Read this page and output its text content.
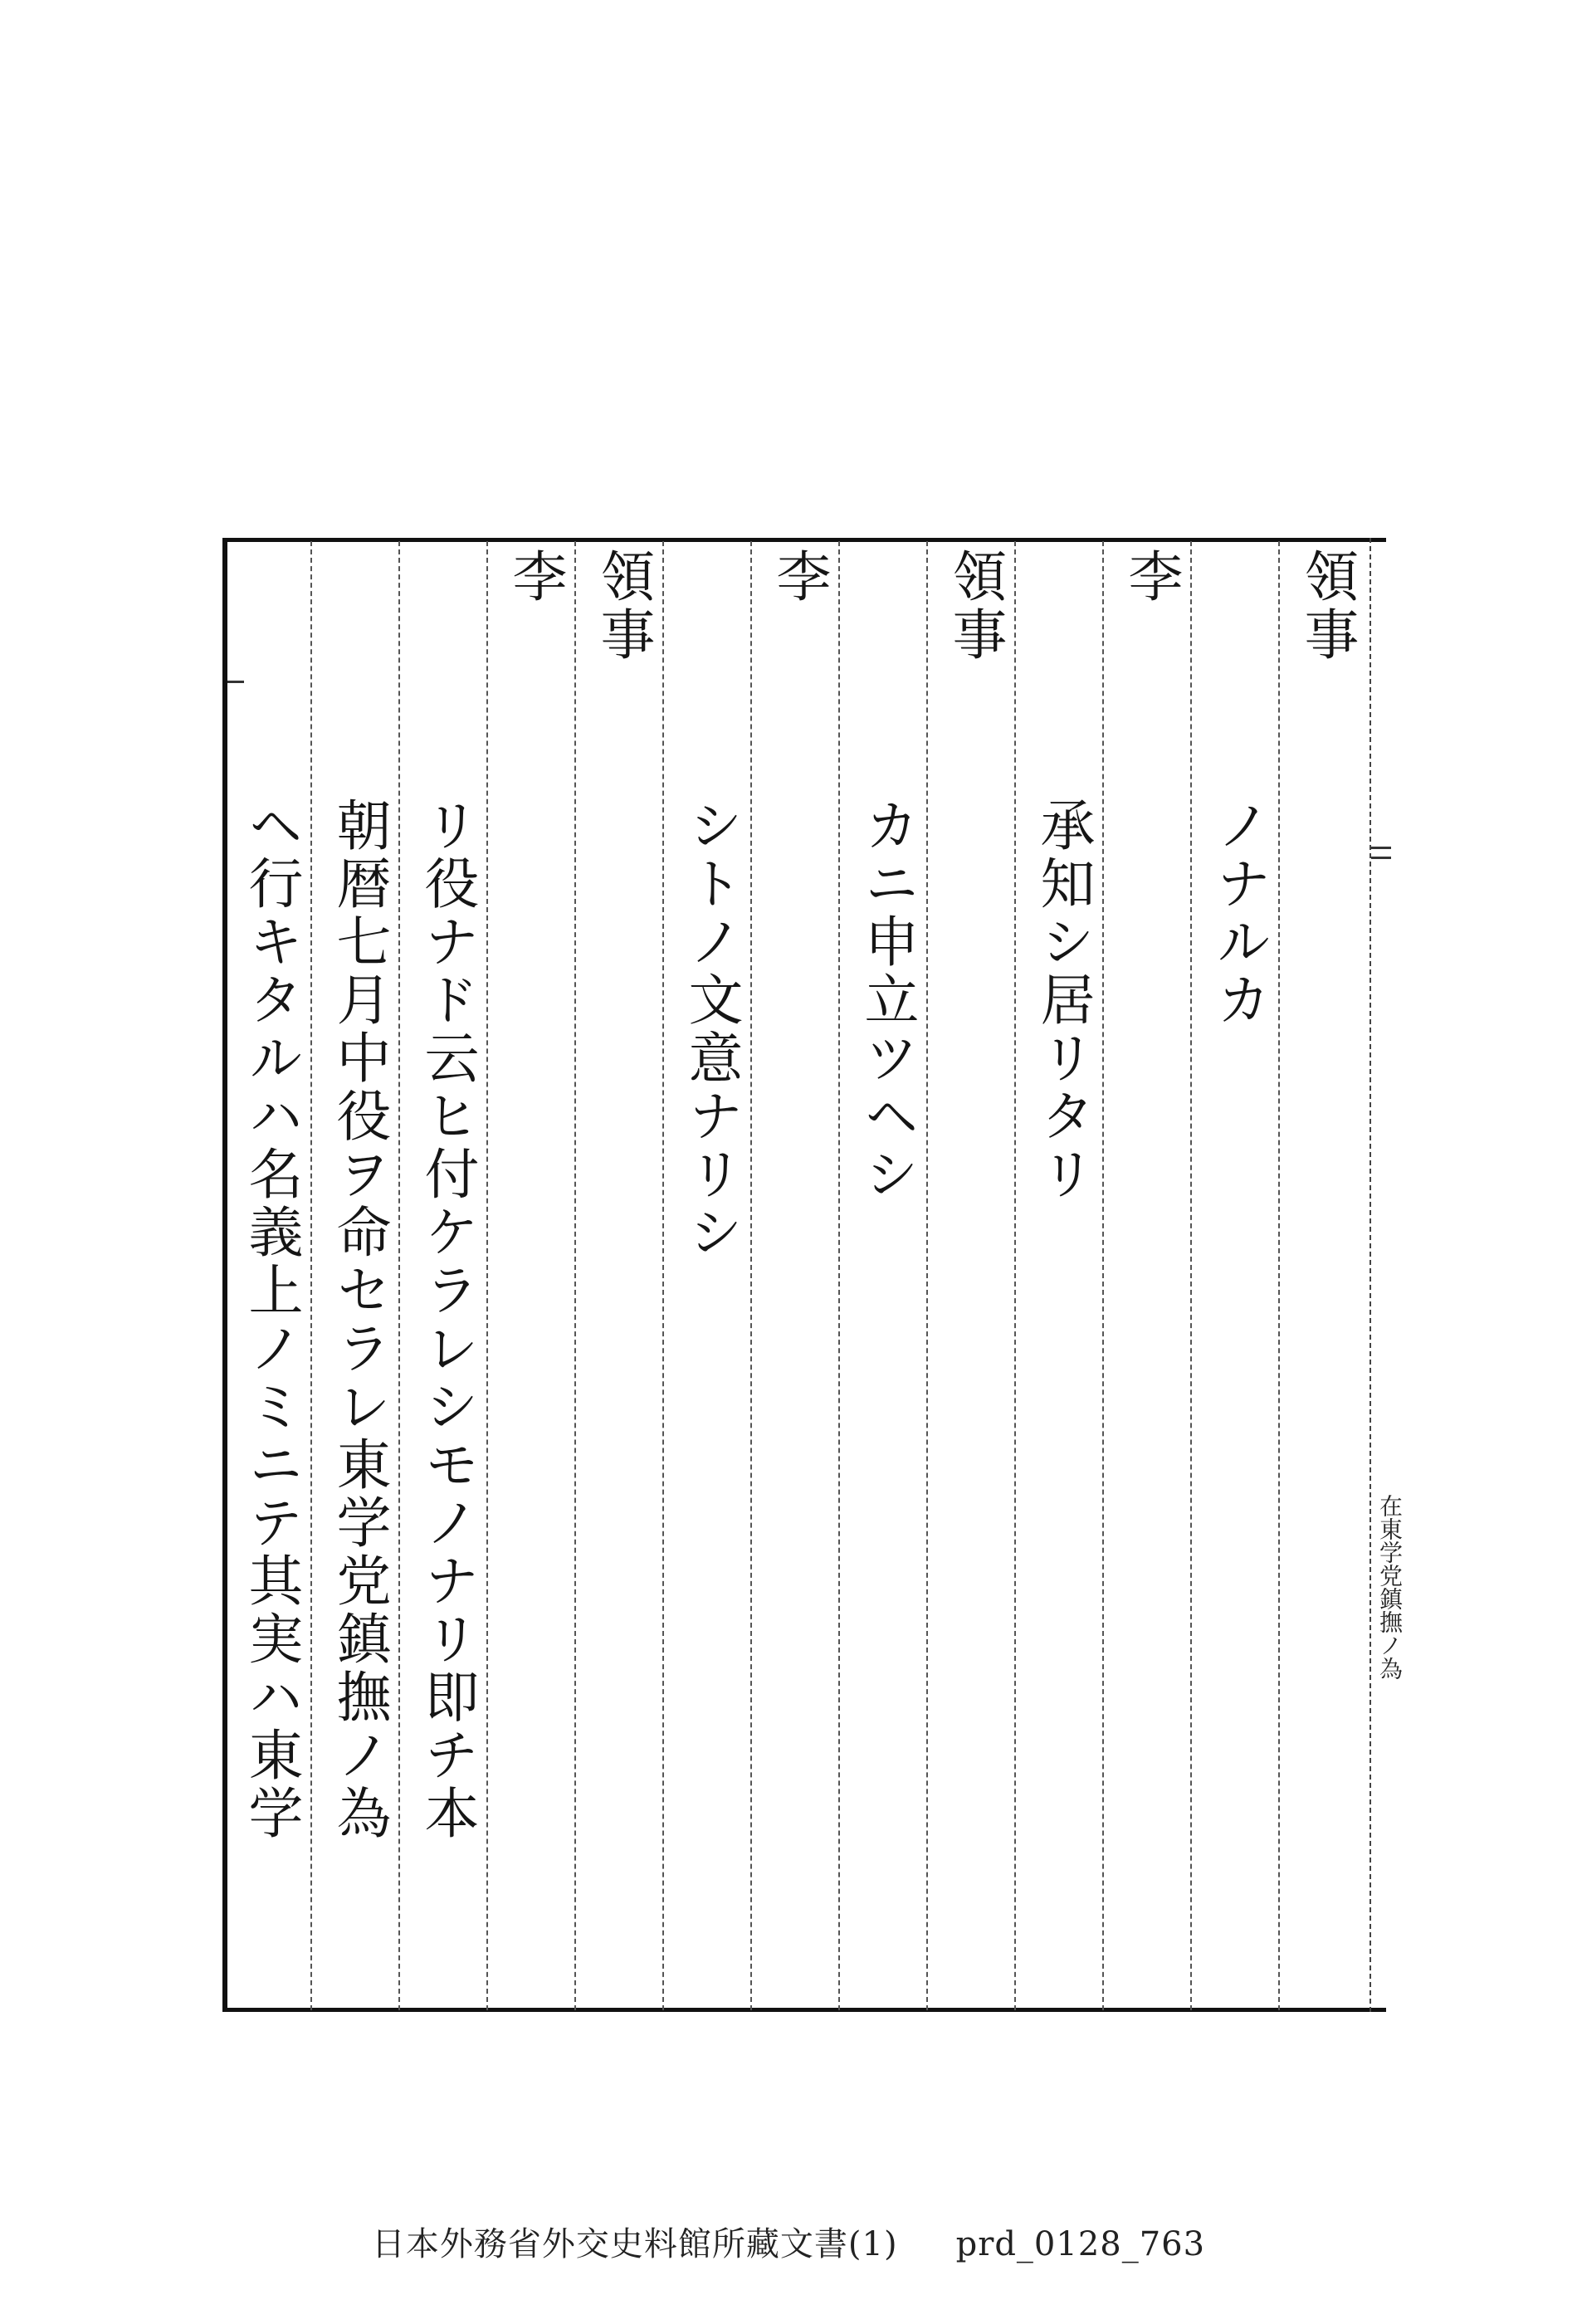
領事
ノナルカ
李
承知シ居リタリ
領事
カニ申立ツヘシ
李
シトノ文意ナリシ
領事
李
リ役ナド云ヒ付ケラレシモノナリ即チ本
朝暦七月中役ヲ命セラレ東学党鎮撫ノ為
ヘ行キタルハ名義上ノミニテ其実ハ東学	在東学党鎮撫ノ為
日本外務省外交史料館所藏文書(1) prd_0128_763
